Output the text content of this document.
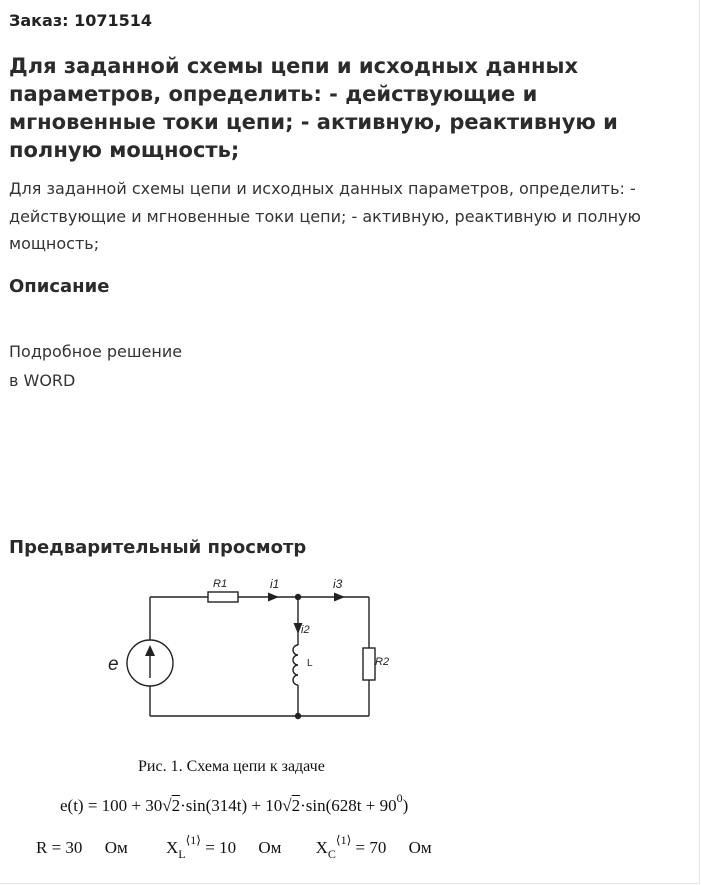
Заказ: 1071514
Для заданной схемы цепи и исходных данных параметров, определить: - действующие и мгновенные токи цепи; - активную, реактивную и полную мощность;

Для заданной схемы цепи и исходных данных параметров, определить: - действующие и мгновенные токи цепи; - активную, реактивную и полную мощность;

Описание
Подробное решение
в WORD
Предварительный просмотр
R1	i1	i3
i2
R2
e	L
Рис. 1. Схема цепи к задаче
$e(t) = 100 + 30√2\cdot\sin(314t) + 10√2\cdot\sin(628t + 90^0)$
R = 30 Ом XL⟨1⟩ = 10 Ом XC⟨1⟩ = 70 Ом
